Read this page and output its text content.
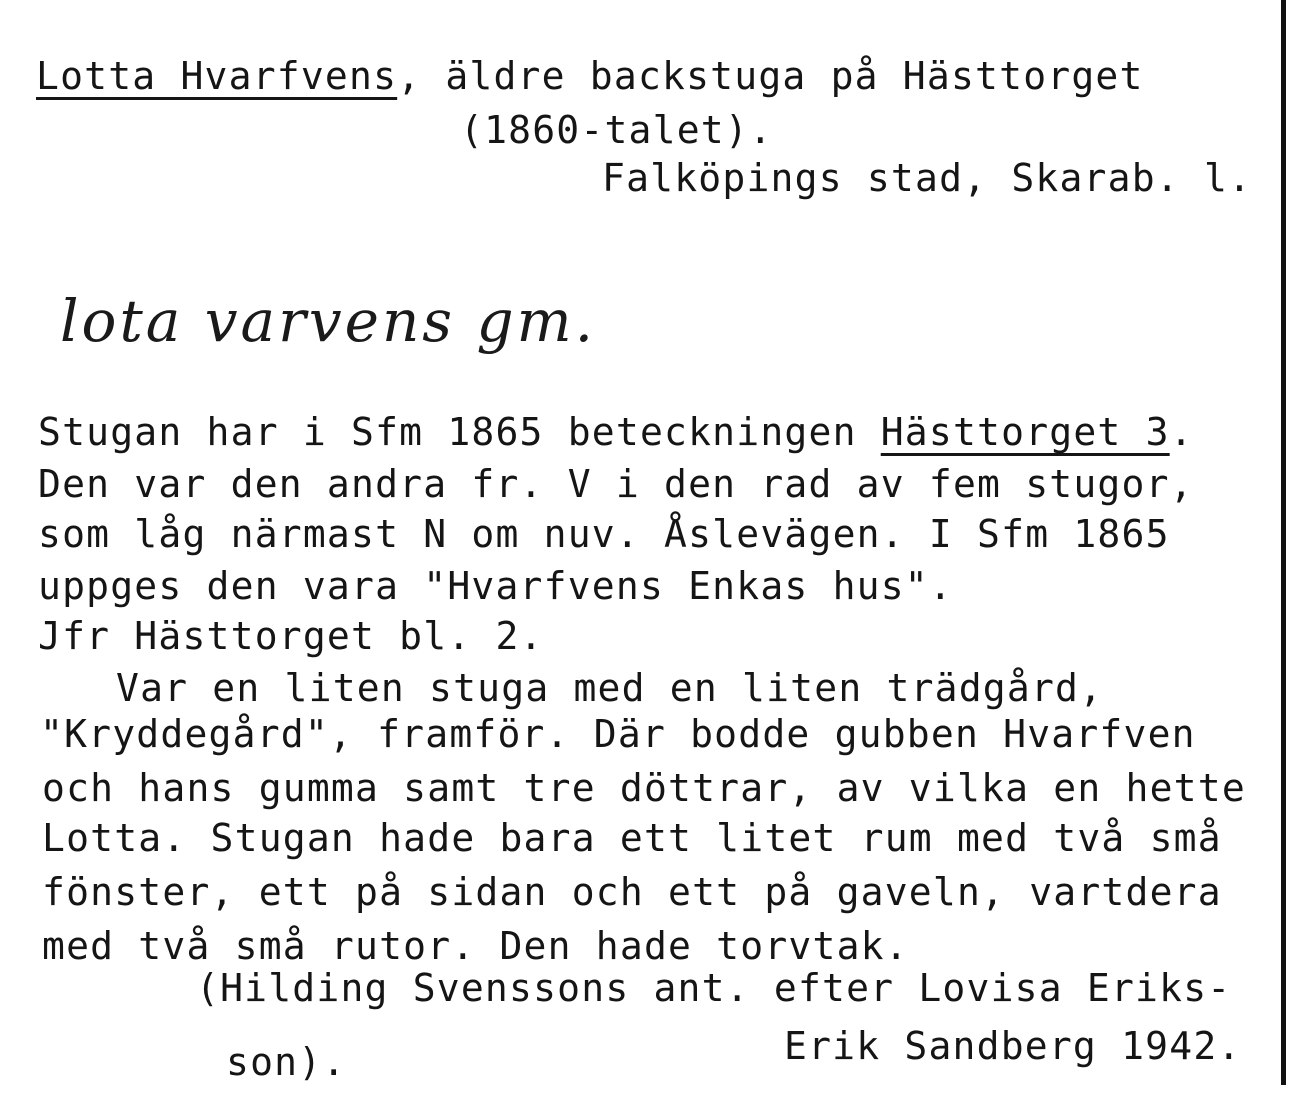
Lotta Hvarfvens, äldre backstuga på Hästtorget
(1860-talet).
Falköpings stad, Skarab. l.
lota varvens gm.
Stugan har i Sfm 1865 beteckningen Hästtorget 3.
Den var den andra fr. V i den rad av fem stugor,
som låg närmast N om nuv. Åslevägen. I Sfm 1865
uppges den vara "Hvarfvens Enkas hus".
Jfr Hästtorget bl. 2.
Var en liten stuga med en liten trädgård,
"Kryddegård", framför. Där bodde gubben Hvarfven
och hans gumma samt tre döttrar, av vilka en hette
Lotta. Stugan hade bara ett litet rum med två små
fönster, ett på sidan och ett på gaveln, vartdera
med två små rutor. Den hade torvtak.
(Hilding Svenssons ant. efter Lovisa Eriks-
son).	Erik Sandberg 1942.
